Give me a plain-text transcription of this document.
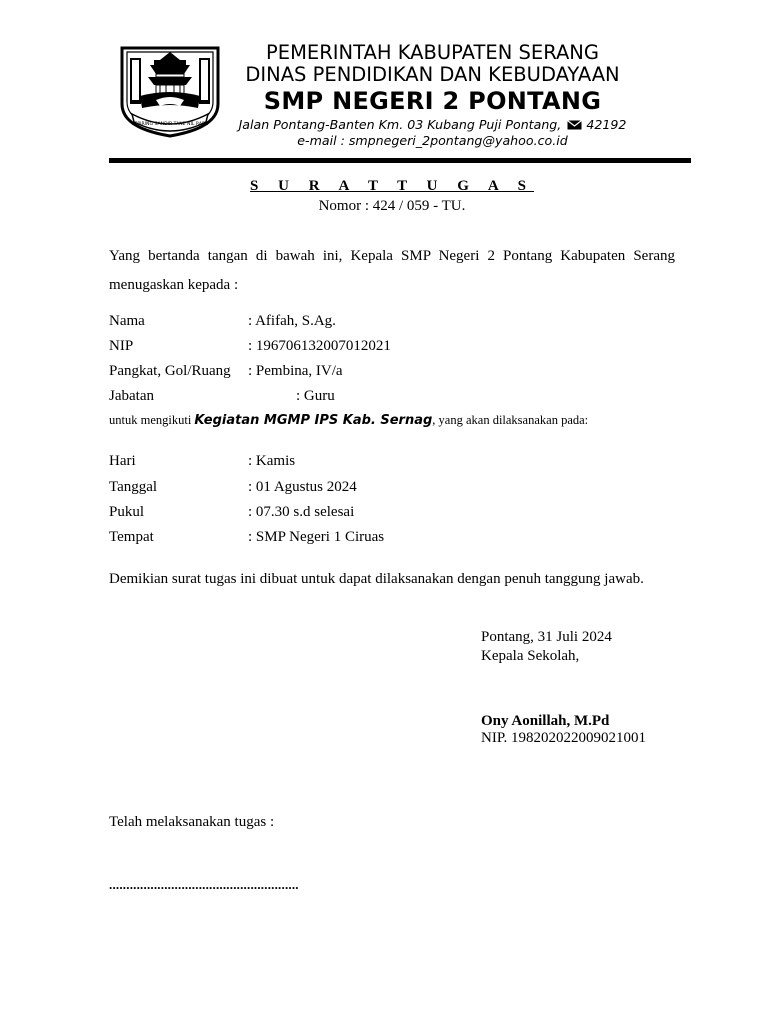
SEPIRING SANDIR TANE NIL RADE
PEMERINTAH KABUPATEN SERANG
DINAS PENDIDIKAN DAN KEBUDAYAAN
SMP NEGERI 2 PONTANG
Jalan Pontang-Banten Km. 03 Kubang Puji Pontang, 42192
e-mail : smpnegeri_2pontang@yahoo.co.id
S U R A T T U G A S
Nomor : 424 / 059 - TU.
Yang bertanda tangan di bawah ini, Kepala SMP Negeri 2 Pontang Kabupaten Serang menugaskan kepada :
Nama	: Afifah, S.Ag.
NIP	: 196706132007012021
Pangkat, Gol/Ruang : Pembina, IV/a
Jabatan	: Guru
untuk mengikuti Kegiatan MGMP IPS Kab. Sernag, yang akan dilaksanakan pada:
Hari	: Kamis
Tanggal	: 01 Agustus 2024
Pukul	: 07.30 s.d selesai
Tempat	: SMP Negeri 1 Ciruas
Demikian surat tugas ini dibuat untuk dapat dilaksanakan dengan penuh tanggung jawab.
Pontang, 31 Juli 2024
Kepala Sekolah,
Ony Aonillah, M.Pd
NIP. 198202022009021001
Telah melaksanakan tugas :
.......................................................
